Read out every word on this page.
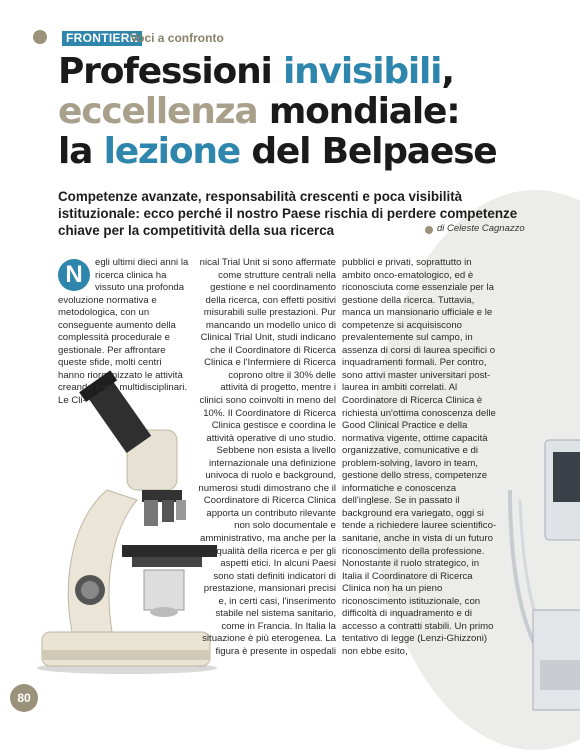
FRONTIERE
Voci a confronto
Professioni invisibili,
eccellenza mondiale:
la lezione del Belpaese

Competenze avanzate, responsabilità crescenti e poca visibilità istituzionale: ecco perché il nostro Paese rischia di perdere competenze chiave per la competitività della sua ricerca	di Celeste Cagnazzo
N	egli ultimi dieci anni la ricerca clinica ha vissuto una profonda evoluzione normativa e metodologica, con un conseguente aumento della complessità procedurale e gestionale. Per affrontare queste sfide, molti centri hanno riorganizzato le attività creando team multidisciplinari. Le Cli-

nical Trial Unit si sono affermate come strutture centrali nella gestione e nel coordinamento della ricerca, con effetti positivi misurabili sulle prestazioni. Pur mancando un modello unico di Clinical Trial Unit, studi indicano che il Coordinatore di Ricerca Clinica e l'Infermiere di Ricerca coprono oltre il 30% delle attività di progetto, mentre i clinici sono coinvolti in meno del 10%. Il Coordinatore di Ricerca Clinica gestisce e coordina le attività operative di uno studio. Sebbene non esista a livello internazionale una definizione univoca di ruolo e background, numerosi studi dimostrano che il Coordinatore di Ricerca Clinica apporta un contributo rilevante non solo documentale e amministrativo, ma anche per la qualità della ricerca e per gli aspetti etici. In alcuni Paesi sono stati definiti indicatori di prestazione, mansionari precisi e, in certi casi, l'inserimento stabile nel sistema sanitario, come in Francia. In Italia la situazione è più eterogenea. La figura è presente in ospedali

pubblici e privati, soprattutto in ambito onco-ematologico, ed è riconosciuta come essenziale per la gestione della ricerca. Tuttavia, manca un mansionario ufficiale e le competenze si acquisiscono prevalentemente sul campo, in assenza di corsi di laurea specifici o inquadramenti formali. Per contro, sono attivi master universitari post-laurea in ambiti correlati. Al Coordinatore di Ricerca Clinica è richiesta un'ottima conoscenza delle Good Clinical Practice e della normativa vigente, ottime capacità organizzative, comunicative e di problem-solving, lavoro in team, gestione dello stress, competenze informatiche e conoscenza dell'inglese. Se in passato il background era variegato, oggi si tende a richiedere lauree scientifico-sanitarie, anche in vista di un futuro riconoscimento della professione. Nonostante il ruolo strategico, in Italia il Coordinatore di Ricerca Clinica non ha un pieno riconoscimento istituzionale, con difficoltà di inquadramento e di accesso a contratti stabili. Un primo tentativo di legge (Lenzi-Ghizzoni) non ebbe esito,

80
